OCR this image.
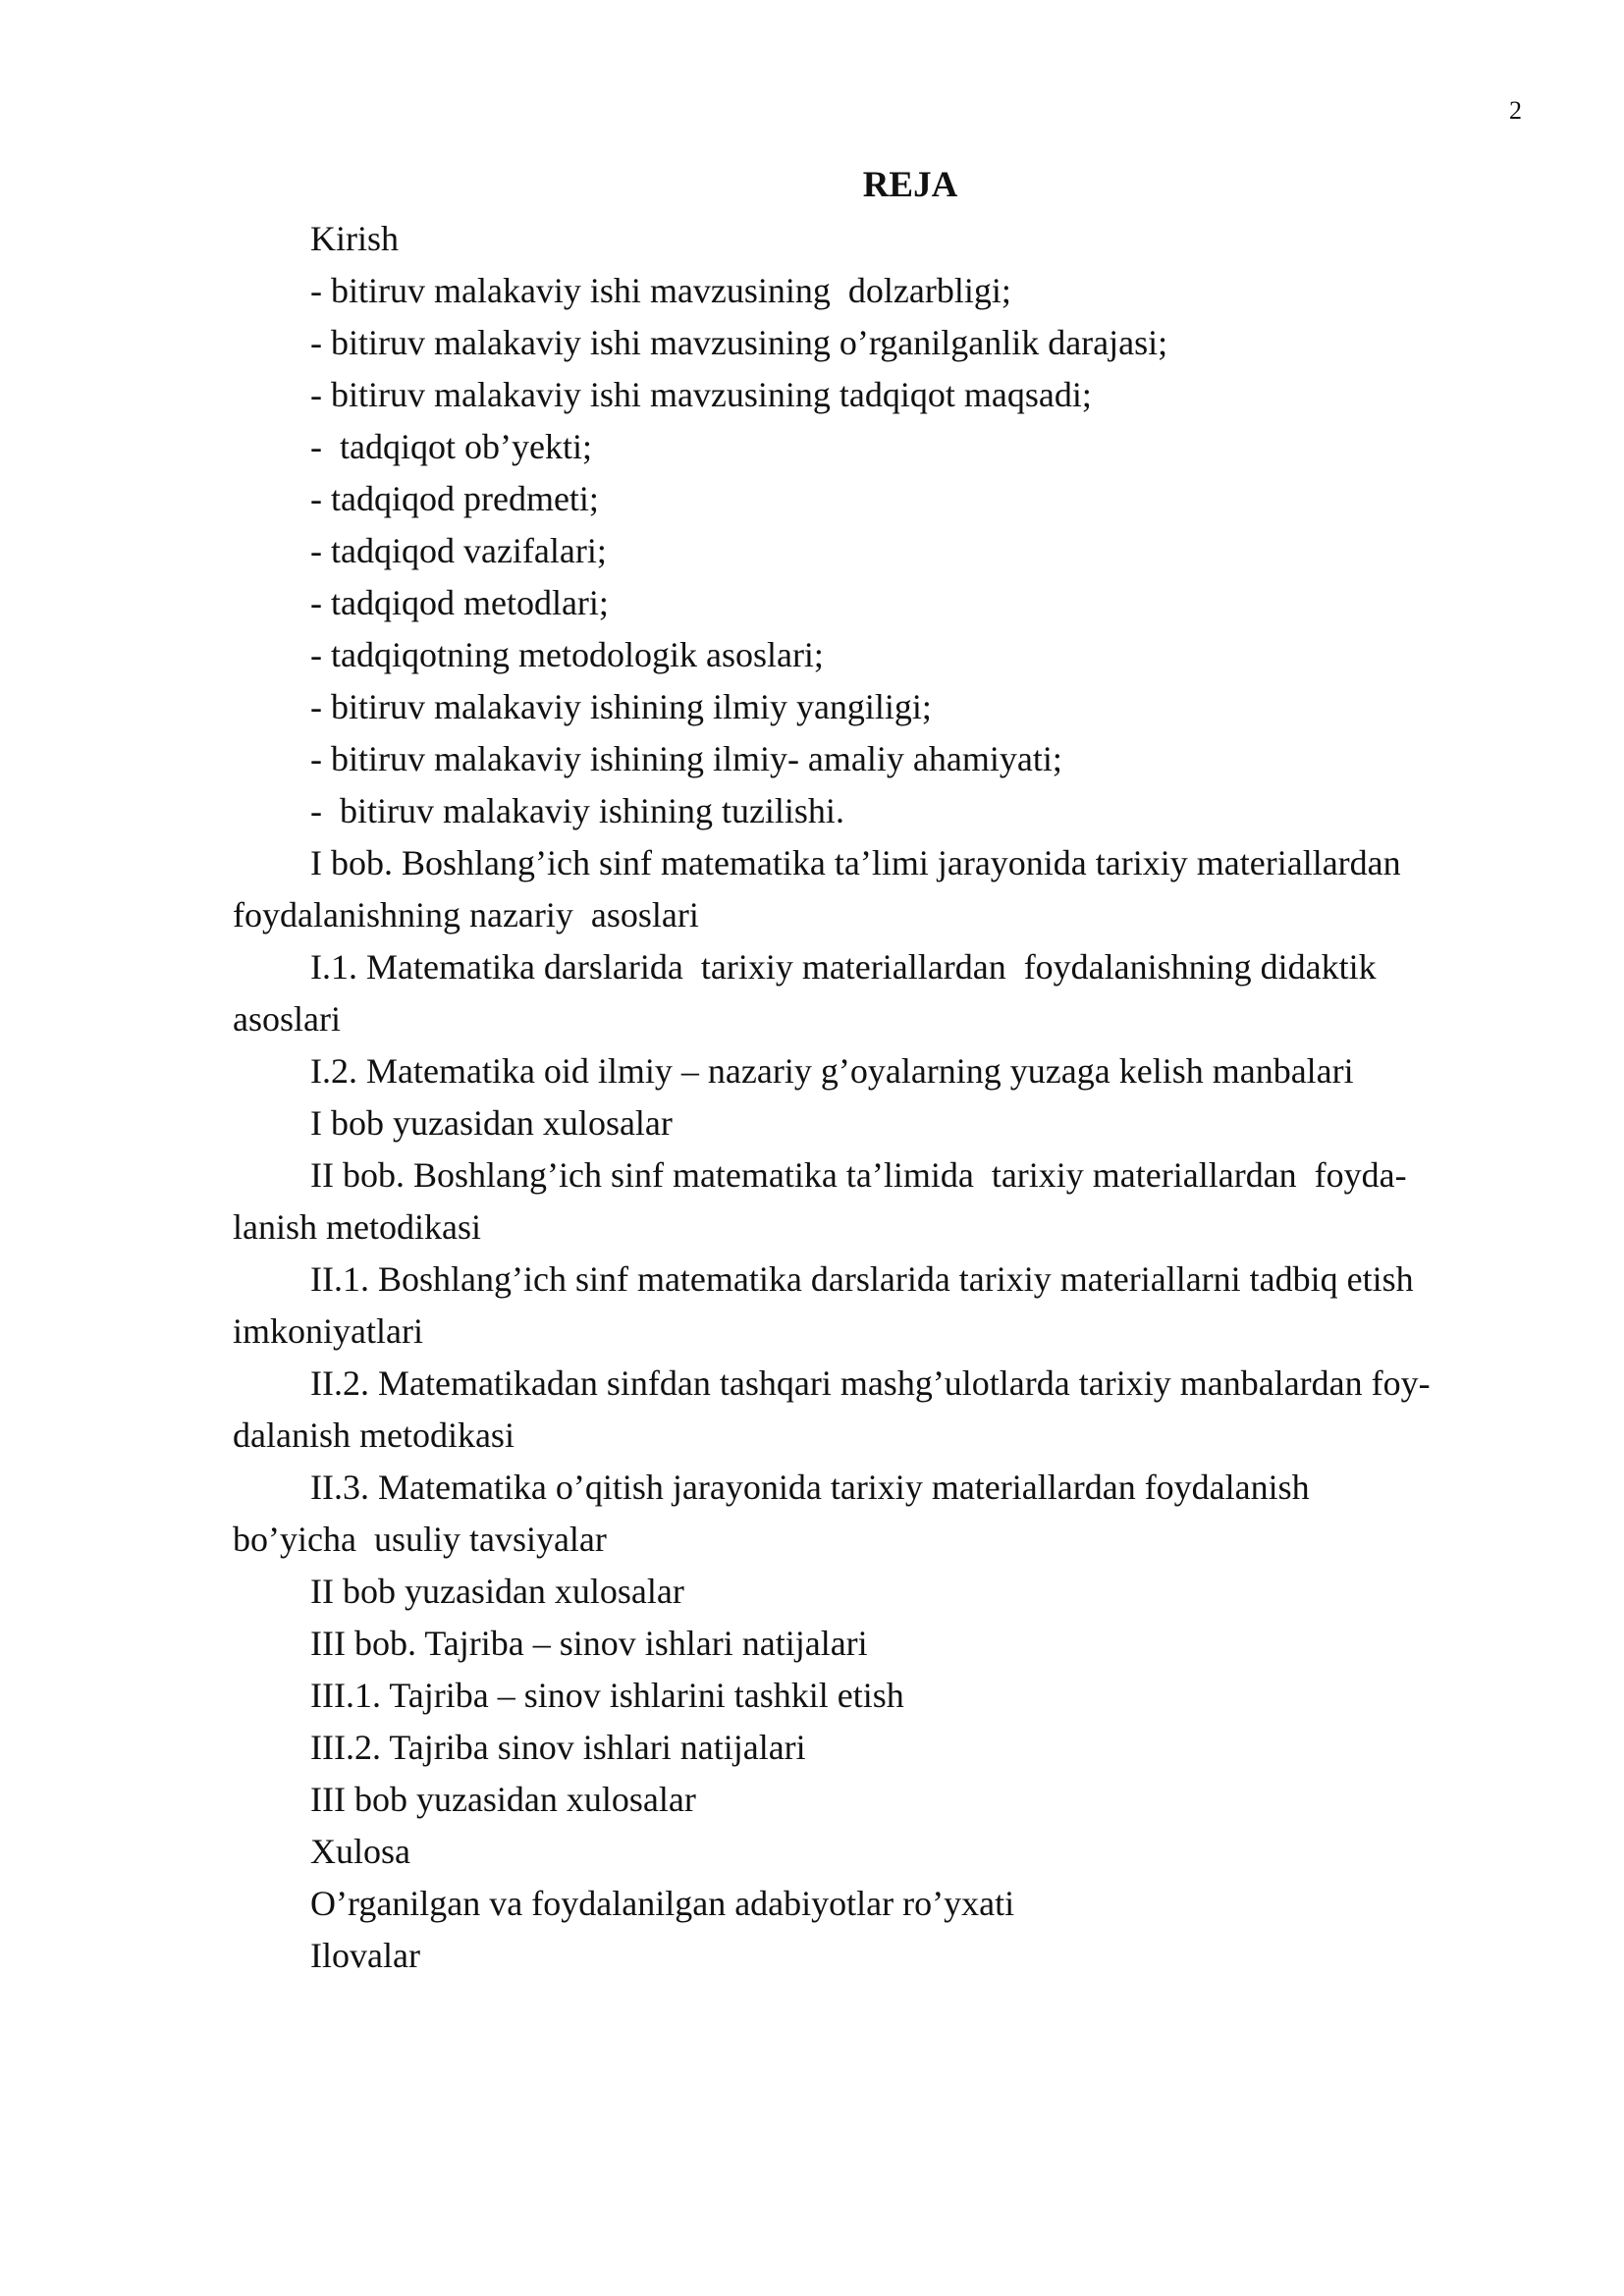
2
REJA
Kirish
- bitiruv malakaviy ishi mavzusining  dolzarbligi;
- bitiruv malakaviy ishi mavzusining o’rganilganlik darajasi;
- bitiruv malakaviy ishi mavzusining tadqiqot maqsadi;
-  tadqiqot ob’yekti;
- tadqiqod predmeti;
- tadqiqod vazifalari;
- tadqiqod metodlari;
- tadqiqotning metodologik asoslari;
- bitiruv malakaviy ishining ilmiy yangiligi;
- bitiruv malakaviy ishining ilmiy- amaliy ahamiyati;
-  bitiruv malakaviy ishining tuzilishi.
I bob. Boshlang’ich sinf matematika ta’limi jarayonida tarixiy materiallardan
foydalanishning nazariy  asoslari
I.1. Matematika darslarida  tarixiy materiallardan  foydalanishning didaktik
asoslari
I.2. Matematika oid ilmiy – nazariy g’oyalarning yuzaga kelish manbalari
I bob yuzasidan xulosalar
II bob. Boshlang’ich sinf matematika ta’limida  tarixiy materiallardan  foyda-
lanish metodikasi
II.1. Boshlang’ich sinf matematika darslarida tarixiy materiallarni tadbiq etish
imkoniyatlari
II.2. Matematikadan sinfdan tashqari mashg’ulotlarda tarixiy manbalardan foy-
dalanish metodikasi
II.3. Matematika o’qitish jarayonida tarixiy materiallardan foydalanish
bo’yicha  usuliy tavsiyalar
II bob yuzasidan xulosalar
III bob. Tajriba – sinov ishlari natijalari
III.1. Tajriba – sinov ishlarini tashkil etish
III.2. Tajriba sinov ishlari natijalari
III bob yuzasidan xulosalar
Xulosa
O’rganilgan va foydalanilgan adabiyotlar ro’yxati
Ilovalar
